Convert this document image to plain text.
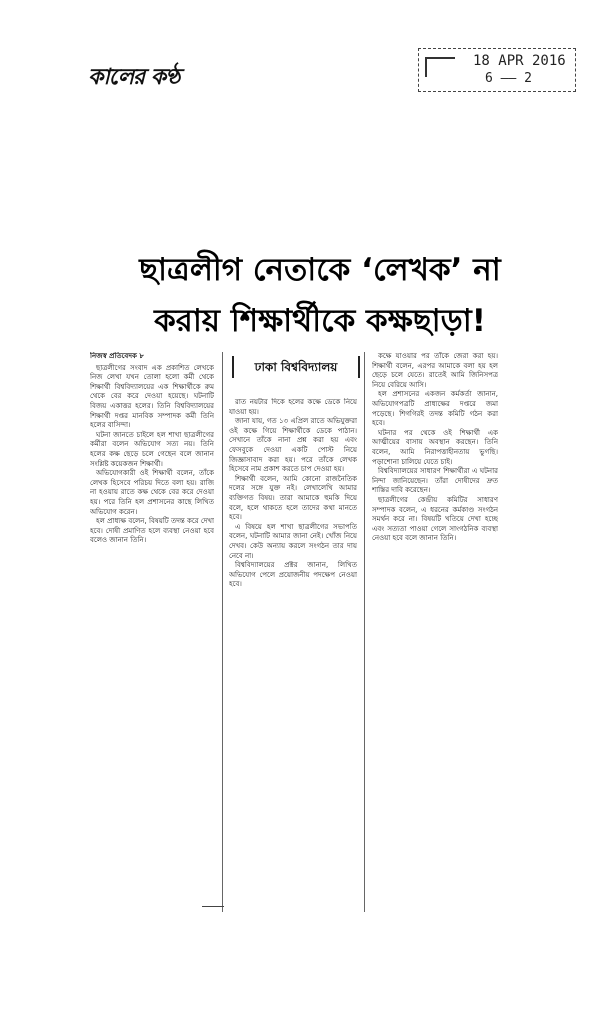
কালের কণ্ঠ
18 APR 2016
6 —— 2
ছাত্রলীগ নেতাকে ‘লেখক’ না
করায় শিক্ষার্থীকে কক্ষছাড়া!
ঢাকা বিশ্ববিদ্যালয়
নিজস্ব প্রতিবেদক ৮

ছাত্রলীগের সংবাদ এক প্রকাশিত লেখকে নিজ লেখা যখন তোলা হলো কর্মী থেকে শিক্ষার্থী বিশ্ববিদ্যালয়ের এক শিক্ষার্থীকে রুম থেকে বের করে দেওয়া হয়েছে। ঘটনাটি বিজয় একাত্তর হলের। তিনি বিশ্ববিদ্যালয়ের শিক্ষার্থী দপ্তর মানবিক সম্পাদক কর্মী তিনি হলের বাসিন্দা।

ঘটনা জানতে চাইলে হল শাখা ছাত্রলীগের কর্মীরা বলেন অভিযোগ সত্য নয়। তিনি হলের কক্ষ ছেড়ে চলে গেছেন বলে জানান সংশ্লিষ্ট কয়েকজন শিক্ষার্থী।

অভিযোগকারী ওই শিক্ষার্থী বলেন, তাঁকে লেখক হিসেবে পরিচয় দিতে বলা হয়। রাজি না হওয়ায় রাতে কক্ষ থেকে বের করে দেওয়া হয়। পরে তিনি হল প্রশাসনের কাছে লিখিত অভিযোগ করেন।

হল প্রাধ্যক্ষ বলেন, বিষয়টি তদন্ত করে দেখা হবে। দোষী প্রমাণিত হলে ব্যবস্থা নেওয়া হবে বলেও জানান তিনি।

রাত নয়টার দিকে হলের কক্ষে ডেকে নিয়ে যাওয়া হয়।

জানা যায়, গত ১৩ এপ্রিল রাতে অভিযুক্তরা ওই কক্ষে গিয়ে শিক্ষার্থীকে ডেকে পাঠান। সেখানে তাঁকে নানা প্রশ্ন করা হয় এবং ফেসবুকে দেওয়া একটি পোস্ট নিয়ে জিজ্ঞাসাবাদ করা হয়। পরে তাঁকে লেখক হিসেবে নাম প্রকাশ করতে চাপ দেওয়া হয়।

শিক্ষার্থী বলেন, আমি কোনো রাজনৈতিক দলের সঙ্গে যুক্ত নই। লেখালেখি আমার ব্যক্তিগত বিষয়। তারা আমাকে হুমকি দিয়ে বলে, হলে থাকতে হলে তাদের কথা মানতে হবে।

এ বিষয়ে হল শাখা ছাত্রলীগের সভাপতি বলেন, ঘটনাটি আমার জানা নেই। খোঁজ নিয়ে দেখব। কেউ অন্যায় করলে সংগঠন তার দায় নেবে না।

বিশ্ববিদ্যালয়ের প্রক্টর জানান, লিখিত অভিযোগ পেলে প্রয়োজনীয় পদক্ষেপ নেওয়া হবে।

কক্ষে যাওয়ার পর তাঁকে জেরা করা হয়। শিক্ষার্থী বলেন, এরপর আমাকে বলা হয় হল ছেড়ে চলে যেতে। রাতেই আমি জিনিসপত্র নিয়ে বেরিয়ে আসি।

হল প্রশাসনের একজন কর্মকর্তা জানান, অভিযোগপত্রটি প্রাধ্যক্ষের দপ্তরে জমা পড়েছে। শিগগিরই তদন্ত কমিটি গঠন করা হবে।

ঘটনার পর থেকে ওই শিক্ষার্থী এক আত্মীয়ের বাসায় অবস্থান করছেন। তিনি বলেন, আমি নিরাপত্তাহীনতায় ভুগছি। পড়াশোনা চালিয়ে যেতে চাই।

বিশ্ববিদ্যালয়ের সাধারণ শিক্ষার্থীরা এ ঘটনার নিন্দা জানিয়েছেন। তাঁরা দোষীদের দ্রুত শাস্তির দাবি করেছেন।

ছাত্রলীগের কেন্দ্রীয় কমিটির সাধারণ সম্পাদক বলেন, এ ধরনের কর্মকাণ্ড সংগঠন সমর্থন করে না। বিষয়টি খতিয়ে দেখা হচ্ছে এবং সত্যতা পাওয়া গেলে সাংগঠনিক ব্যবস্থা নেওয়া হবে বলে জানান তিনি।
